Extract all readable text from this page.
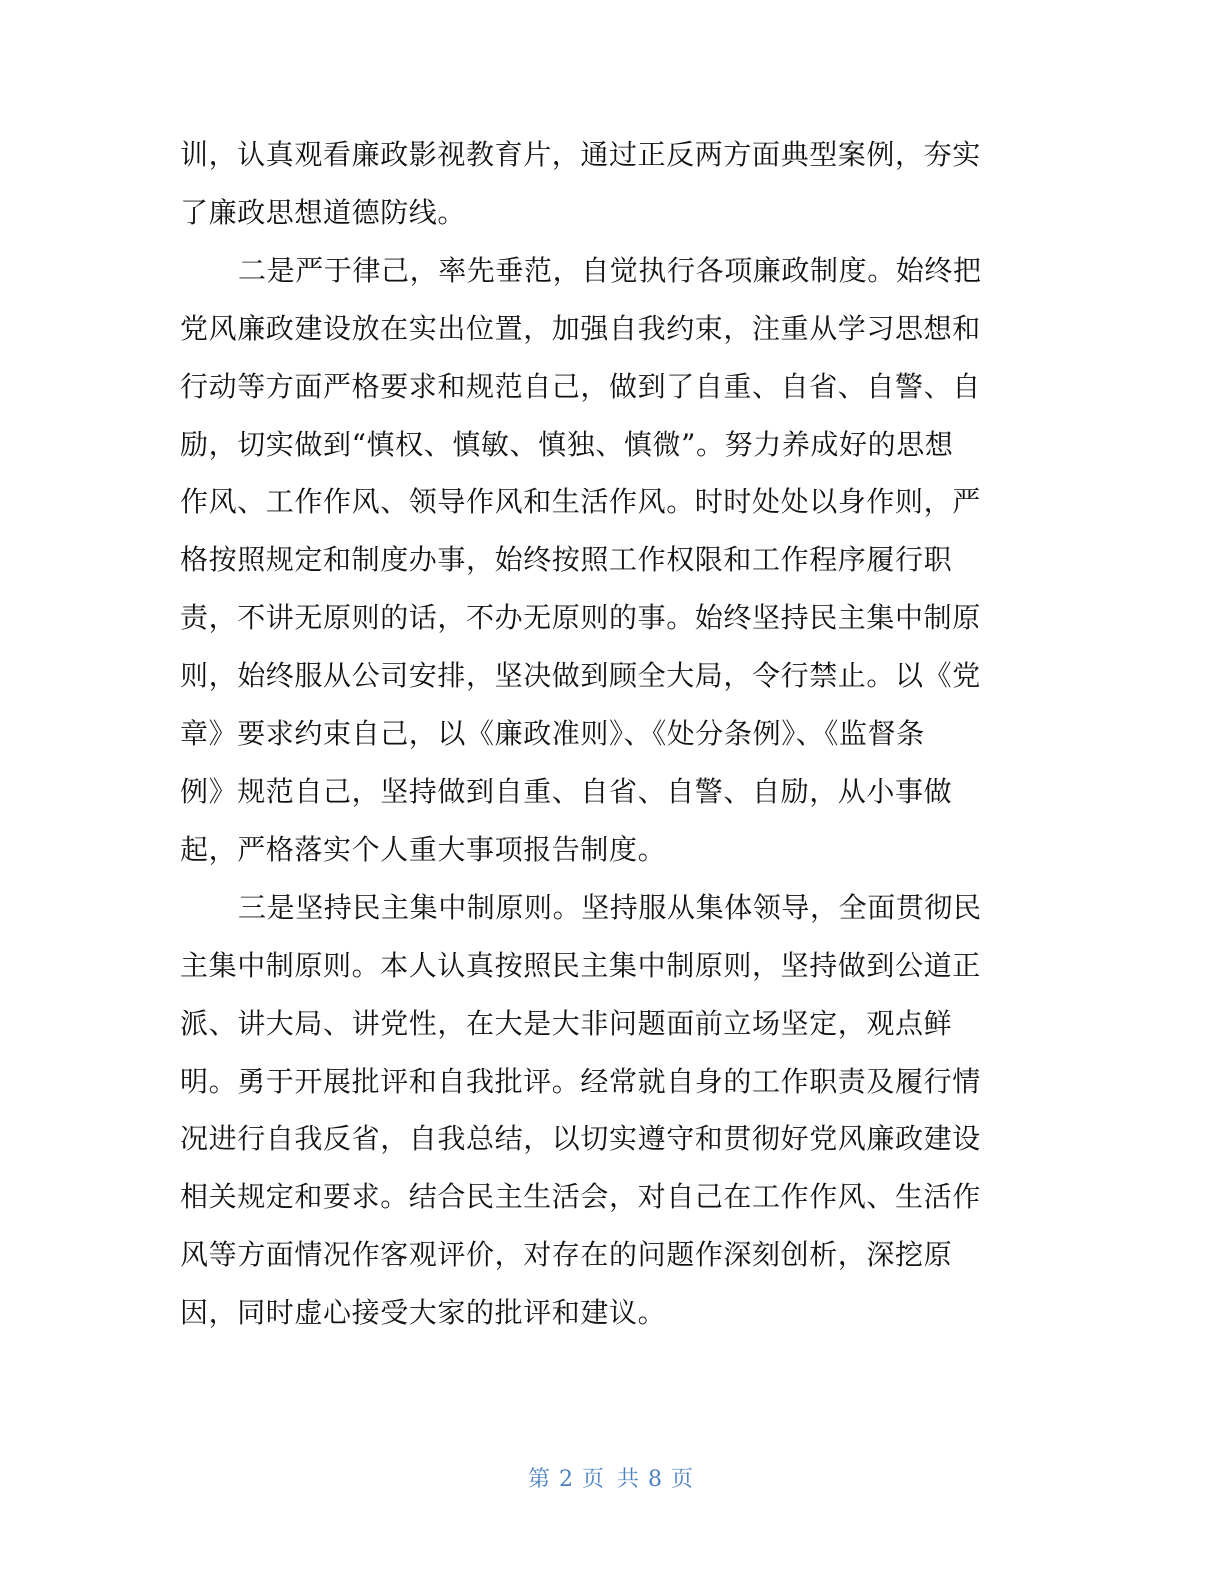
训，认真观看廉政影视教育片，通过正反两方面典型案例，夯实
了廉政思想道德防线。
二是严于律己，率先垂范，自觉执行各项廉政制度。始终把
党风廉政建设放在实出位置，加强自我约束，注重从学习思想和
行动等方面严格要求和规范自己，做到了自重、自省、自警、自
励，切实做到“慎权、慎敏、慎独、慎微”。努力养成好的思想
作风、工作作风、领导作风和生活作风。时时处处以身作则，严
格按照规定和制度办事，始终按照工作权限和工作程序履行职
责，不讲无原则的话，不办无原则的事。始终坚持民主集中制原
则，始终服从公司安排，坚决做到顾全大局，令行禁止。以《党
章》要求约束自己，以《廉政准则》、《处分条例》、《监督条
例》规范自己，坚持做到自重、自省、自警、自励，从小事做
起，严格落实个人重大事项报告制度。
三是坚持民主集中制原则。坚持服从集体领导，全面贯彻民
主集中制原则。本人认真按照民主集中制原则，坚持做到公道正
派、讲大局、讲党性，在大是大非问题面前立场坚定，观点鲜
明。勇于开展批评和自我批评。经常就自身的工作职责及履行情
况进行自我反省，自我总结，以切实遵守和贯彻好党风廉政建设
相关规定和要求。结合民主生活会，对自己在工作作风、生活作
风等方面情况作客观评价，对存在的问题作深刻创析，深挖原
因，同时虚心接受大家的批评和建议。
第 2 页 共 8 页
